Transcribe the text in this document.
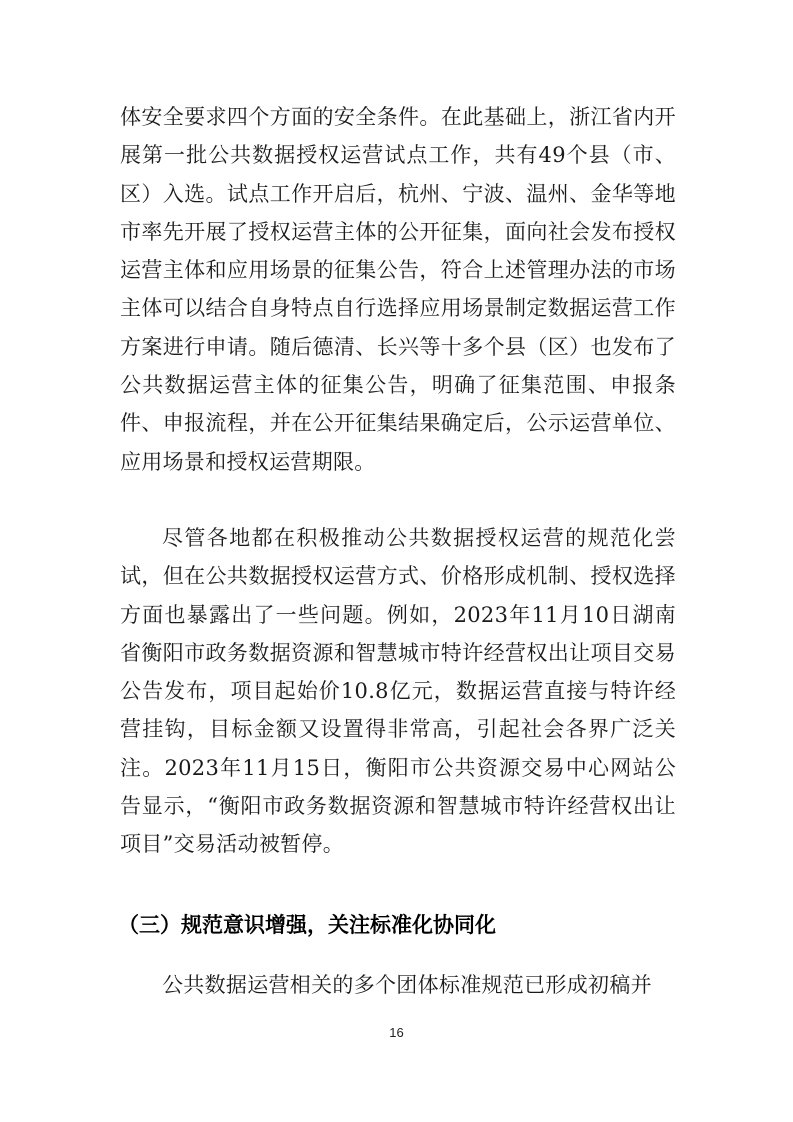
体安全要求四个方面的安全条件。在此基础上，浙江省内开展第一批公共数据授权运营试点工作，共有49个县（市、区）入选。试点工作开启后，杭州、宁波、温州、金华等地市率先开展了授权运营主体的公开征集，面向社会发布授权运营主体和应用场景的征集公告，符合上述管理办法的市场主体可以结合自身特点自行选择应用场景制定数据运营工作方案进行申请。随后德清、长兴等十多个县（区）也发布了公共数据运营主体的征集公告，明确了征集范围、申报条件、申报流程，并在公开征集结果确定后，公示运营单位、应用场景和授权运营期限。

尽管各地都在积极推动公共数据授权运营的规范化尝试，但在公共数据授权运营方式、价格形成机制、授权选择方面也暴露出了一些问题。例如，2023年11月10日湖南省衡阳市政务数据资源和智慧城市特许经营权出让项目交易公告发布，项目起始价10.8亿元，数据运营直接与特许经营挂钩，目标金额又设置得非常高，引起社会各界广泛关注。2023年11月15日，衡阳市公共资源交易中心网站公告显示，“衡阳市政务数据资源和智慧城市特许经营权出让项目”交易活动被暂停。

（三）规范意识增强，关注标准化协同化

公共数据运营相关的多个团体标准规范已形成初稿并

16
